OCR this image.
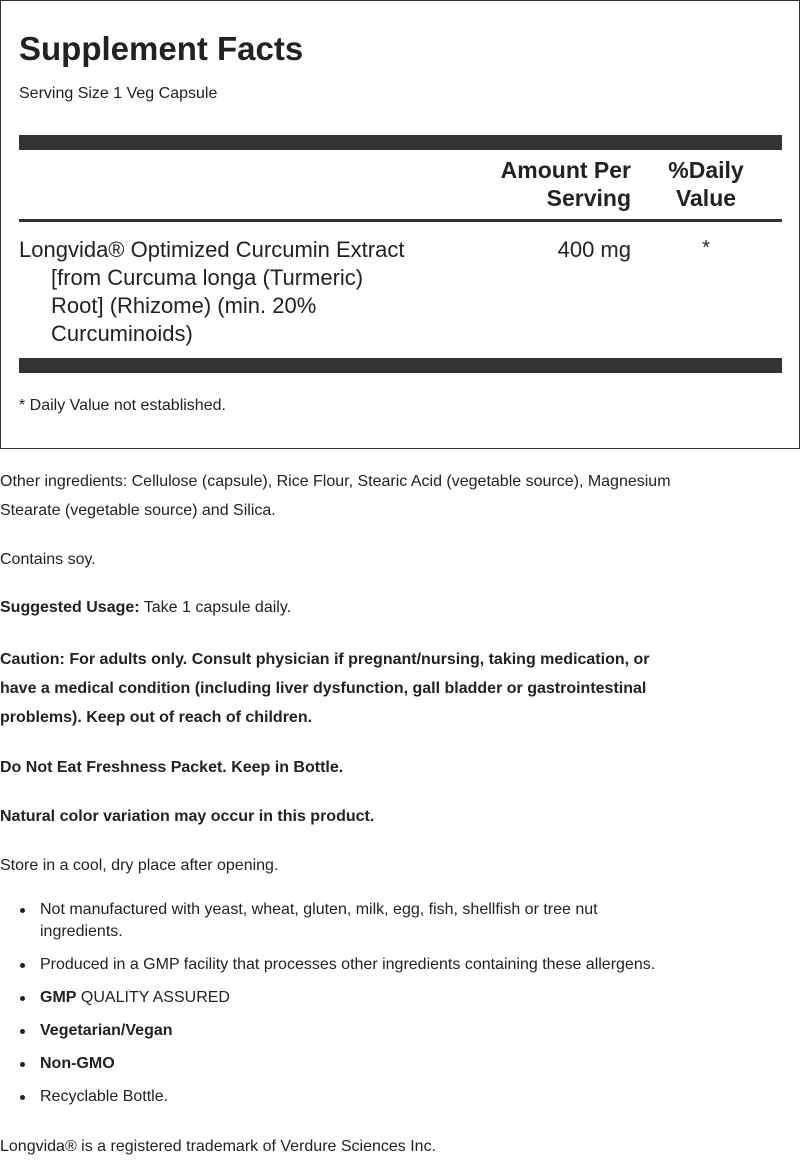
Supplement Facts
Serving Size 1 Veg Capsule
Amount Per
Serving
%Daily
Value
Longvida® Optimized Curcumin Extract
[from Curcuma longa (Turmeric)
Root] (Rhizome) (min. 20%
Curcuminoids)
400 mg	*
* Daily Value not established.
Other ingredients: Cellulose (capsule), Rice Flour, Stearic Acid (vegetable source), Magnesium
Stearate (vegetable source) and Silica.
Contains soy.
Suggested Usage: Take 1 capsule daily.
Caution: For adults only. Consult physician if pregnant/nursing, taking medication, or
have a medical condition (including liver dysfunction, gall bladder or gastrointestinal
problems). Keep out of reach of children.
Do Not Eat Freshness Packet. Keep in Bottle.
Natural color variation may occur in this product.
Store in a cool, dry place after opening.
Not manufactured with yeast, wheat, gluten, milk, egg, fish, shellfish or tree nut
ingredients.
Produced in a GMP facility that processes other ingredients containing these allergens.
GMP QUALITY ASSURED
Vegetarian/Vegan
Non-GMO
Recyclable Bottle.
Longvida® is a registered trademark of Verdure Sciences Inc.
